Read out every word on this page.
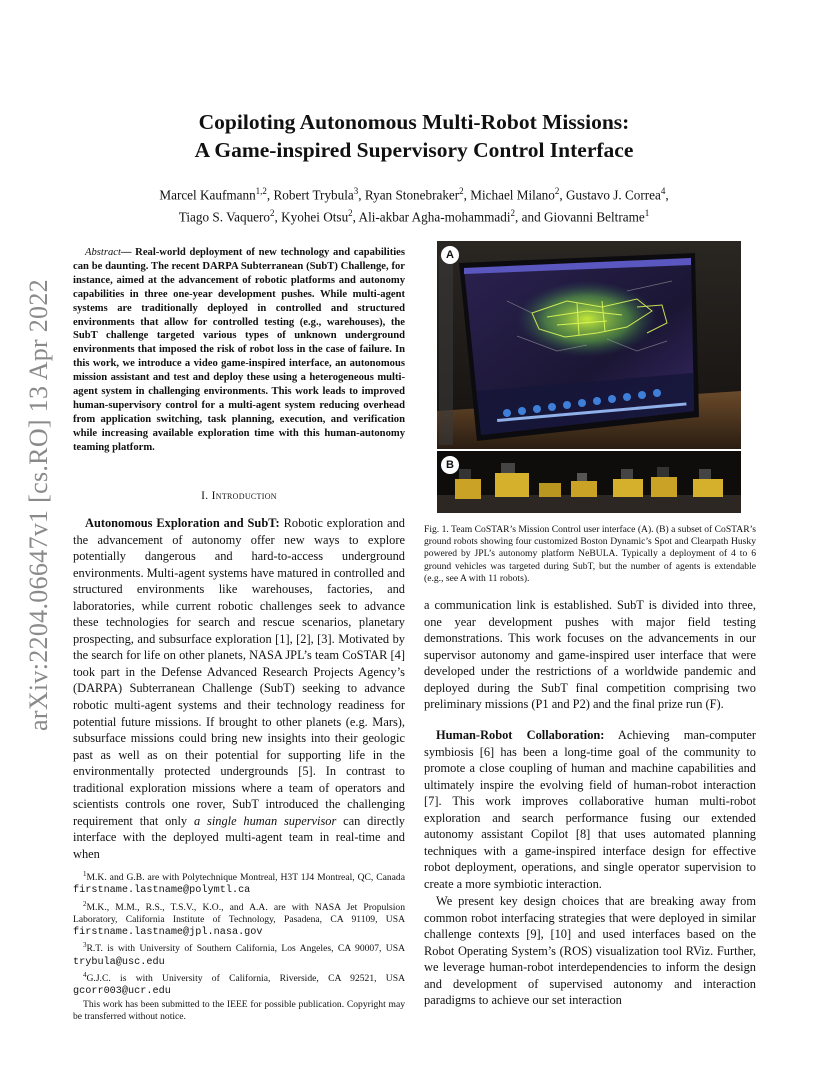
arXiv:2204.06647v1 [cs.RO] 13 Apr 2022
Copiloting Autonomous Multi-Robot Missions:
A Game-inspired Supervisory Control Interface
Marcel Kaufmann$^{1,2}$, Robert Trybula$^3$, Ryan Stonebraker$^2$, Michael Milano$^2$, Gustavo J. Correa$^4$,
Tiago S. Vaquero$^2$, Kyohei Otsu$^2$, Ali-akbar Agha-mohammadi$^2$, and Giovanni Beltrame$^1$
Abstract— Real-world deployment of new technology and capabilities can be daunting. The recent DARPA Subterranean (SubT) Challenge, for instance, aimed at the advancement of robotic platforms and autonomy capabilities in three one-year development pushes. While multi-agent systems are traditionally deployed in controlled and structured environments that allow for controlled testing (e.g., warehouses), the SubT challenge targeted various types of unknown underground environments that imposed the risk of robot loss in the case of failure. In this work, we introduce a video game-inspired interface, an autonomous mission assistant and test and deploy these using a heterogeneous multi-agent system in challenging environments. This work leads to improved human-supervisory control for a multi-agent system reducing overhead from application switching, task planning, execution, and verification while increasing available exploration time with this human-autonomy teaming platform.
I. Introduction
Autonomous Exploration and SubT: Robotic exploration and the advancement of autonomy offer new ways to explore potentially dangerous and hard-to-access underground environments. Multi-agent systems have matured in controlled and structured environments like warehouses, factories, and laboratories, while current robotic challenges seek to advance these technologies for search and rescue scenarios, planetary prospecting, and subsurface exploration [1], [2], [3]. Motivated by the search for life on other planets, NASA JPL’s team CoSTAR [4] took part in the Defense Advanced Research Projects Agency’s (DARPA) Subterranean Challenge (SubT) seeking to advance robotic multi-agent systems and their technology readiness for potential future missions. If brought to other planets (e.g. Mars), subsurface missions could bring new insights into their geologic past as well as on their potential for supporting life in the environmentally protected undergrounds [5]. In contrast to traditional exploration missions where a team of operators and scientists controls one rover, SubT introduced the challenging requirement that only a single human supervisor can directly interface with the deployed multi-agent team in real-time and when

$^1$M.K. and G.B. are with Polytechnique Montreal, H3T 1J4 Montreal, QC, Canada firstname.lastname@polymtl.ca

$^2$M.K., M.M., R.S., T.S.V., K.O., and A.A. are with NASA Jet Propulsion Laboratory, California Institute of Technology, Pasadena, CA 91109, USA firstname.lastname@jpl.nasa.gov

$^3$R.T. is with University of Southern California, Los Angeles, CA 90007, USA trybula@usc.edu

$^4$G.J.C. is with University of California, Riverside, CA 92521, USA gcorr003@ucr.edu

This work has been submitted to the IEEE for possible publication. Copyright may be transferred without notice.

A
B
Fig. 1. Team CoSTAR’s Mission Control user interface (A). (B) a subset of CoSTAR’s ground robots showing four customized Boston Dynamic’s Spot and Clearpath Husky powered by JPL’s autonomy platform NeBULA. Typically a deployment of 4 to 6 ground vehicles was targeted during SubT, but the number of agents is extendable (e.g., see A with 11 robots).
a communication link is established. SubT is divided into three, one year development pushes with major field testing demonstrations. This work focuses on the advancements in our supervisor autonomy and game-inspired user interface that were developed under the restrictions of a worldwide pandemic and deployed during the SubT final competition comprising two preliminary missions (P1 and P2) and the final prize run (F).
Human-Robot Collaboration: Achieving man-computer symbiosis [6] has been a long-time goal of the community to promote a close coupling of human and machine capabilities and ultimately inspire the evolving field of human-robot interaction [7]. This work improves collaborative human multi-robot exploration and search performance fusing our extended autonomy assistant Copilot [8] that uses automated planning techniques with a game-inspired interface design for effective robot deployment, operations, and single operator supervision to create a more symbiotic interaction.
We present key design choices that are breaking away from common robot interfacing strategies that were deployed in similar challenge contexts [9], [10] and used interfaces based on the Robot Operating System’s (ROS) visualization tool RViz. Further, we leverage human-robot interdependencies to inform the design and development of supervised autonomy and interaction paradigms to achieve our set interaction
